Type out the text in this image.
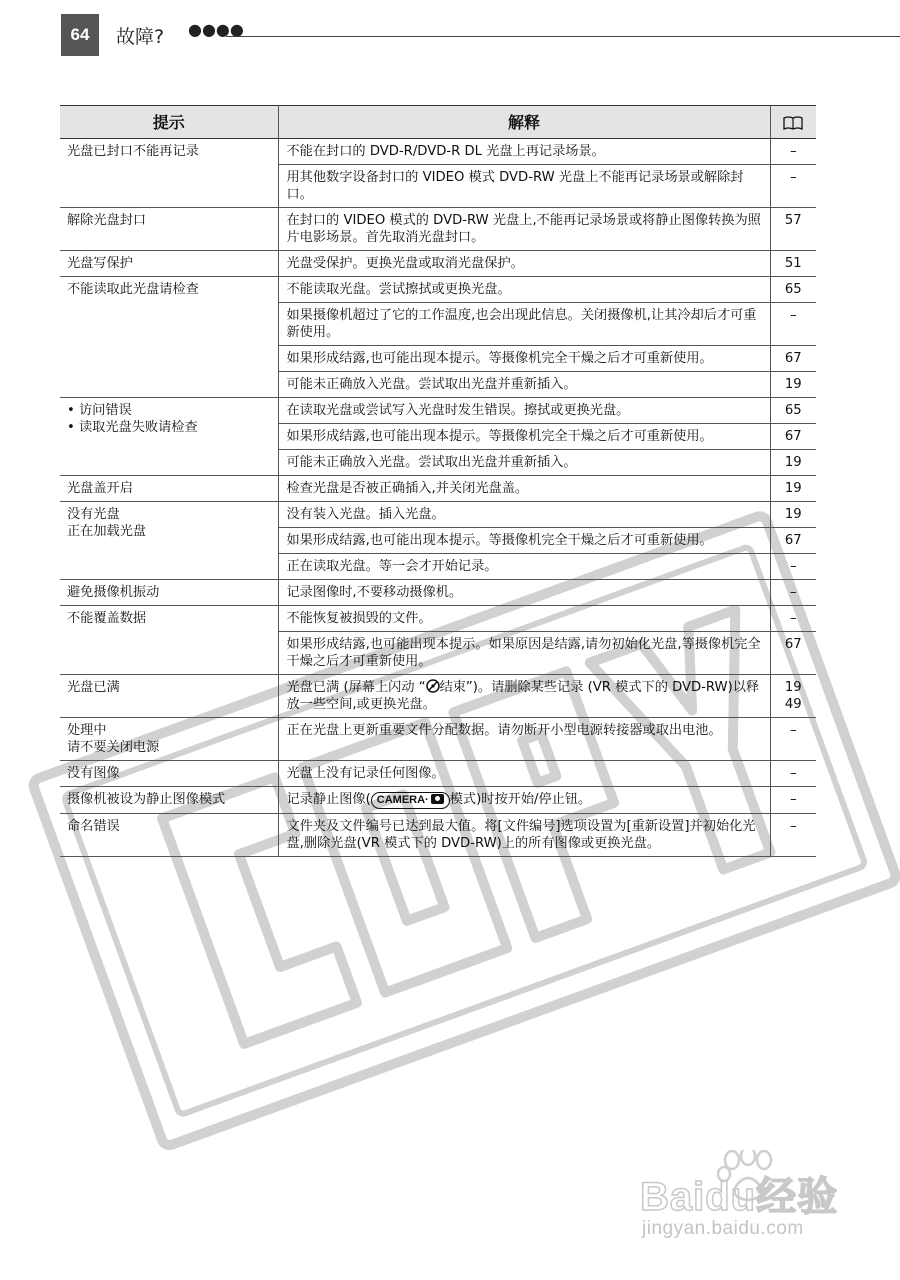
64	故障? ●●●●
提示	解释	

光盘已封口不能再记录	不能在封口的 DVD-R/DVD-R DL 光盘上再记录场景。	–
	用其他数字设备封口的 VIDEO 模式 DVD-RW 光盘上不能再记录场景或解除封口。	–

解除光盘封口	在封口的 VIDEO 模式的 DVD-RW 光盘上,不能再记录场景或将静止图像转换为照片电影场景。首先取消光盘封口。	57

光盘写保护	光盘受保护。更换光盘或取消光盘保护。	51

不能读取此光盘请检查	不能读取光盘。尝试擦拭或更换光盘。	65
	如果摄像机超过了它的工作温度,也会出现此信息。关闭摄像机,让其冷却后才可重新使用。	–
	如果形成结露,也可能出现本提示。等摄像机完全干燥之后才可重新使用。	67
	可能未正确放入光盘。尝试取出光盘并重新插入。	19

• 访问错误
• 读取光盘失败请检查	在读取光盘或尝试写入光盘时发生错误。擦拭或更换光盘。	65
	如果形成结露,也可能出现本提示。等摄像机完全干燥之后才可重新使用。	67
	可能未正确放入光盘。尝试取出光盘并重新插入。	19

光盘盖开启	检查光盘是否被正确插入,并关闭光盘盖。	19

没有光盘
正在加载光盘	没有装入光盘。插入光盘。	19
	如果形成结露,也可能出现本提示。等摄像机完全干燥之后才可重新使用。	67
	正在读取光盘。等一会才开始记录。	–

避免摄像机振动	记录图像时,不要移动摄像机。	–

不能覆盖数据	不能恢复被损毁的文件。	–
	如果形成结露,也可能出现本提示。如果原因是结露,请勿初始化光盘,等摄像机完全干燥之后才可重新使用。	67

光盘已满	光盘已满 (屏幕上闪动 “ 结束”)。请删除某些记录 (VR 模式下的 DVD-RW)以释放一些空间,或更换光盘。	19
49

处理中
请不要关闭电源	正在光盘上更新重要文件分配数据。请勿断开小型电源转接器或取出电池。	–

没有图像	光盘上没有记录任何图像。	–

摄像机被设为静止图像模式	记录静止图像( CAMERA· 模式)时按开始/停止钮。	–

命名错误	文件夹及文件编号已达到最大值。将[文件编号]选项设置为[重新设置]并初始化光盘,删除光盘(VR 模式下的 DVD-RW)上的所有图像或更换光盘。	–
Baidu经验
jingyan.baidu.com
